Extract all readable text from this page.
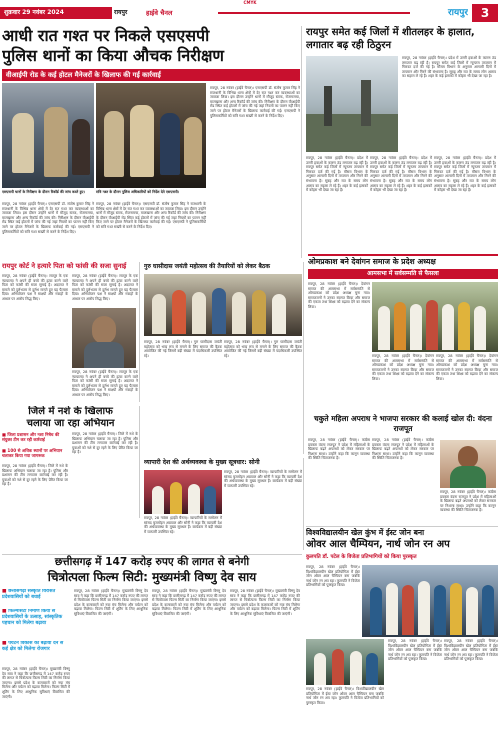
CMYK
शुक्रवार 29 नवंबर 2024	रायपुर	हाईवे चैनल	रायपुर	3
आधी रात गश्त पर निकले एसएसपी
पुलिस थानों का किया औचक निरीक्षण
वीआईपी रोड के कई होटल मैनेजरों के खिलाफ की गई कार्रवाई
एसएसपी थानों के निरीक्षण के दौरान रिकॉर्ड की जांच करते हुए।	रात्रि गश्त के दौरान पुलिस अधिकारियों को निर्देश देते एसएसपी।
रायपुर, 28 नवंबर (हाईवे चैनल)। एसएसपी डॉ. संतोष कुमार सिंह ने राजधानी के विभिन्न थाना क्षेत्रों में देर रात गश्त कर व्यवस्थाओं का जायजा लिया। इस दौरान उन्होंने थानों में मौजूद स्टाफ, रोजनामचा, मालखाना और अन्य रिकॉर्ड की जांच की। निरीक्षण के दौरान वीआईपी रोड स्थित कई होटलों में जांच की गई जहां नियमों का पालन नहीं किए जाने पर होटल मैनेजरों के खिलाफ कार्रवाई की गई। एसएसपी ने पुलिसकर्मियों को रात्रि गश्त सख्ती से करने के निर्देश दिए।
रायपुर, 28 नवंबर (हाईवे चैनल)। एसएसपी डॉ. संतोष कुमार सिंह ने राजधानी के विभिन्न थाना क्षेत्रों में देर रात गश्त कर व्यवस्थाओं का जायजा लिया। इस दौरान उन्होंने थानों में मौजूद स्टाफ, रोजनामचा, मालखाना और अन्य रिकॉर्ड की जांच की। निरीक्षण के दौरान वीआईपी रोड स्थित कई होटलों में जांच की गई जहां नियमों का पालन नहीं किए जाने पर होटल मैनेजरों के खिलाफ कार्रवाई की गई। एसएसपी ने पुलिसकर्मियों को रात्रि गश्त सख्ती से करने के निर्देश दिए।
रायपुर, 28 नवंबर (हाईवे चैनल)। एसएसपी डॉ. संतोष कुमार सिंह ने राजधानी के विभिन्न थाना क्षेत्रों में देर रात गश्त कर व्यवस्थाओं का जायजा लिया। इस दौरान उन्होंने थानों में मौजूद स्टाफ, रोजनामचा, मालखाना और अन्य रिकॉर्ड की जांच की। निरीक्षण के दौरान वीआईपी रोड स्थित कई होटलों में जांच की गई जहां नियमों का पालन नहीं किए जाने पर होटल मैनेजरों के खिलाफ कार्रवाई की गई। एसएसपी ने पुलिसकर्मियों को रात्रि गश्त सख्ती से करने के निर्देश दिए।
रायपुर समेत कई जिलों में शीतलहर के हालात, लगातार बढ़ रही ठिठुरन
रायपुर, 28 नवंबर (हाईवे चैनल)। प्रदेश में उत्तरी हवाओं के कारण ठंड लगातार बढ़ रही है। रायपुर समेत कई जिलों में न्यूनतम तापमान में गिरावट दर्ज की गई है। मौसम विभाग के अनुसार आगामी दिनों में तापमान और गिरने की संभावना है। सुबह और रात के समय लोग अलाव का सहारा ले रहे हैं। शहर के कई इलाकों में कोहरा भी देखा जा रहा है।
रायपुर, 28 नवंबर (हाईवे चैनल)। प्रदेश में उत्तरी हवाओं के कारण ठंड लगातार बढ़ रही है। रायपुर समेत कई जिलों में न्यूनतम तापमान में गिरावट दर्ज की गई है। मौसम विभाग के अनुसार आगामी दिनों में तापमान और गिरने की संभावना है। सुबह और रात के समय लोग अलाव का सहारा ले रहे हैं। शहर के कई इलाकों में कोहरा भी देखा जा रहा है।
रायपुर, 28 नवंबर (हाईवे चैनल)। प्रदेश में उत्तरी हवाओं के कारण ठंड लगातार बढ़ रही है। रायपुर समेत कई जिलों में न्यूनतम तापमान में गिरावट दर्ज की गई है। मौसम विभाग के अनुसार आगामी दिनों में तापमान और गिरने की संभावना है। सुबह और रात के समय लोग अलाव का सहारा ले रहे हैं। शहर के कई इलाकों में कोहरा भी देखा जा रहा है।
रायपुर, 28 नवंबर (हाईवे चैनल)। प्रदेश में उत्तरी हवाओं के कारण ठंड लगातार बढ़ रही है। रायपुर समेत कई जिलों में न्यूनतम तापमान में गिरावट दर्ज की गई है। मौसम विभाग के अनुसार आगामी दिनों में तापमान और गिरने की संभावना है। सुबह और रात के समय लोग अलाव का सहारा ले रहे हैं। शहर के कई इलाकों में कोहरा भी देखा जा रहा है।
रायपुर कोर्ट ने हत्यारे पिता को फांसी की सजा सुनाई
रायपुर, 28 नवंबर (हाईवे चैनल)। रायपुर के एक न्यायालय ने अपने ही बच्चे की हत्या करने वाले पिता को फांसी की सजा सुनाई है। अदालत ने मामले को दुर्लभतम से दुर्लभ मानते हुए यह फैसला दिया। अभियोजन पक्ष ने साक्ष्यों और गवाहों के आधार पर आरोप सिद्ध किए।
रायपुर, 28 नवंबर (हाईवे चैनल)। रायपुर के एक न्यायालय ने अपने ही बच्चे की हत्या करने वाले पिता को फांसी की सजा सुनाई है। अदालत ने मामले को दुर्लभतम से दुर्लभ मानते हुए यह फैसला दिया। अभियोजन पक्ष ने साक्ष्यों और गवाहों के आधार पर आरोप सिद्ध किए।
रायपुर, 28 नवंबर (हाईवे चैनल)। रायपुर के एक न्यायालय ने अपने ही बच्चे की हत्या करने वाले पिता को फांसी की सजा सुनाई है। अदालत ने मामले को दुर्लभतम से दुर्लभ मानते हुए यह फैसला दिया। अभियोजन पक्ष ने साक्ष्यों और गवाहों के आधार पर आरोप सिद्ध किए।
गुरु घासीदास जयंती महोत्सव की तैयारियों को लेकर बैठक
रायपुर, 28 नवंबर (हाईवे चैनल)। गुरु घासीदास जयंती महोत्सव को भव्य रूप से मनाने के लिए समाज की बैठक आयोजित की गई जिसमें बड़ी संख्या में पदाधिकारी उपस्थित रहे।
रायपुर, 28 नवंबर (हाईवे चैनल)। गुरु घासीदास जयंती महोत्सव को भव्य रूप से मनाने के लिए समाज की बैठक आयोजित की गई जिसमें बड़ी संख्या में पदाधिकारी उपस्थित रहे।
ओमप्रकाश बने देवांगन समाज के प्रदेश अध्यक्ष
आमसभा में सर्वसम्मति से फैसला
रायपुर, 28 नवंबर (हाईवे चैनल)। देवांगन समाज की आमसभा में सर्वसम्मति से ओमप्रकाश को प्रदेश अध्यक्ष चुना गया। समाजजनों ने उनका स्वागत किया और समाज की एकता तथा शिक्षा को बढ़ावा देने का संकल्प लिया।
रायपुर, 28 नवंबर (हाईवे चैनल)। देवांगन समाज की आमसभा में सर्वसम्मति से ओमप्रकाश को प्रदेश अध्यक्ष चुना गया। समाजजनों ने उनका स्वागत किया और समाज की एकता तथा शिक्षा को बढ़ावा देने का संकल्प लिया।
रायपुर, 28 नवंबर (हाईवे चैनल)। देवांगन समाज की आमसभा में सर्वसम्मति से ओमप्रकाश को प्रदेश अध्यक्ष चुना गया। समाजजनों ने उनका स्वागत किया और समाज की एकता तथा शिक्षा को बढ़ावा देने का संकल्प लिया।
जिले में नशे के खिलाफ
चलाया जा रहा अभियान
■ जिला प्रशासन और नशा निषेध की संयुक्त टीम कर रही कार्रवाई
■ 100 से अधिक स्थानों पर अभियान चलाकर किया गया जागरूक
रायपुर, 28 नवंबर (हाईवे चैनल)। जिले में नशे के खिलाफ अभियान चलाया जा रहा है। पुलिस और प्रशासन की टीम लगातार कार्रवाई कर रही है। युवाओं को नशे से दूर रहने के लिए प्रेरित किया जा रहा है।
रायपुर, 28 नवंबर (हाईवे चैनल)। जिले में नशे के खिलाफ अभियान चलाया जा रहा है। पुलिस और प्रशासन की टीम लगातार कार्रवाई कर रही है। युवाओं को नशे से दूर रहने के लिए प्रेरित किया जा रहा है।
व्यापारी देश की अर्थव्यवस्था के मुख्य सूत्रधार: सोनी
रायपुर, 28 नवंबर (हाईवे चैनल)। व्यापारियों के सम्मेलन में सांसद बृजमोहन अग्रवाल और सोनी ने कहा कि व्यापारी देश की अर्थव्यवस्था के मुख्य सूत्रधार हैं। कार्यक्रम में बड़ी संख्या में व्यापारी उपस्थित रहे।
रायपुर, 28 नवंबर (हाईवे चैनल)। व्यापारियों के सम्मेलन में सांसद बृजमोहन अग्रवाल और सोनी ने कहा कि व्यापारी देश की अर्थव्यवस्था के मुख्य सूत्रधार हैं। कार्यक्रम में बड़ी संख्या में व्यापारी उपस्थित रहे।
चकुते महिला अपराध ने भाजपा सरकार की कलाई खोल दी: वंदना राजपूत
रायपुर, 28 नवंबर (हाईवे चैनल)। कांग्रेस प्रवक्ता वंदना राजपूत ने प्रदेश में महिलाओं के खिलाफ बढ़ते अपराधों को लेकर सरकार पर निशाना साधा। उन्होंने कहा कि कानून व्यवस्था की स्थिति चिंताजनक है।
रायपुर, 28 नवंबर (हाईवे चैनल)। कांग्रेस प्रवक्ता वंदना राजपूत ने प्रदेश में महिलाओं के खिलाफ बढ़ते अपराधों को लेकर सरकार पर निशाना साधा। उन्होंने कहा कि कानून व्यवस्था की स्थिति चिंताजनक है।
रायपुर, 28 नवंबर (हाईवे चैनल)। कांग्रेस प्रवक्ता वंदना राजपूत ने प्रदेश में महिलाओं के खिलाफ बढ़ते अपराधों को लेकर सरकार पर निशाना साधा। उन्होंने कहा कि कानून व्यवस्था की स्थिति चिंताजनक है।
छत्तीसगढ़ में 147 करोड़ रुपए की लागत से बनेगी
चित्रोत्पला फिल्म सिटी: मुख्यमंत्री विष्णु देव साय
■ छत्तीसगढ़ी संस्कृति विरासत प्रदेशवासियों को बधाई
■ फिल्मसिटी निर्माण किया से प्रदेशवासियों के उत्साह, सांस्कृतिक पहचान को मिलेगा बढ़ावा
■ पर्यटन विकास को बढ़ावा देने से कई क्षेत्र को मिलेगा रोजगार
रायपुर, 28 नवंबर (हाईवे चैनल)। मुख्यमंत्री विष्णु देव साय ने कहा कि छत्तीसगढ़ में 147 करोड़ रुपए की लागत से चित्रोत्पला फिल्म सिटी का निर्माण किया जाएगा। इससे प्रदेश के कलाकारों को नया मंच मिलेगा और पर्यटन को बढ़ावा मिलेगा। फिल्म सिटी में शूटिंग के लिए आधुनिक सुविधाएं विकसित की जाएंगी।
रायपुर, 28 नवंबर (हाईवे चैनल)। मुख्यमंत्री विष्णु देव साय ने कहा कि छत्तीसगढ़ में 147 करोड़ रुपए की लागत से चित्रोत्पला फिल्म सिटी का निर्माण किया जाएगा। इससे प्रदेश के कलाकारों को नया मंच मिलेगा और पर्यटन को बढ़ावा मिलेगा। फिल्म सिटी में शूटिंग के लिए आधुनिक सुविधाएं विकसित की जाएंगी।
रायपुर, 28 नवंबर (हाईवे चैनल)। मुख्यमंत्री विष्णु देव साय ने कहा कि छत्तीसगढ़ में 147 करोड़ रुपए की लागत से चित्रोत्पला फिल्म सिटी का निर्माण किया जाएगा। इससे प्रदेश के कलाकारों को नया मंच मिलेगा और पर्यटन को बढ़ावा मिलेगा। फिल्म सिटी में शूटिंग के लिए आधुनिक सुविधाएं विकसित की जाएंगी।
रायपुर, 28 नवंबर (हाईवे चैनल)। मुख्यमंत्री विष्णु देव साय ने कहा कि छत्तीसगढ़ में 147 करोड़ रुपए की लागत से चित्रोत्पला फिल्म सिटी का निर्माण किया जाएगा। इससे प्रदेश के कलाकारों को नया मंच मिलेगा और पर्यटन को बढ़ावा मिलेगा। फिल्म सिटी में शूटिंग के लिए आधुनिक सुविधाएं विकसित की जाएंगी।
विश्वविद्यालयीन खेल कुंभ में ईस्ट जोन बना
ओवर आल चैम्पियन, नार्थ जोन रन अप
कुलपति डॉ. पटेल के विजेता प्रतिभागियों को किया पुरस्कृत
रायपुर, 28 नवंबर (हाईवे चैनल)। विश्वविद्यालयीन खेल प्रतियोगिता में ईस्ट जोन ओवर आल चैम्पियन बना जबकि नार्थ जोन रन अप रहा। कुलपति ने विजेता प्रतिभागियों को पुरस्कृत किया।
रायपुर, 28 नवंबर (हाईवे चैनल)। विश्वविद्यालयीन खेल प्रतियोगिता में ईस्ट जोन ओवर आल चैम्पियन बना जबकि नार्थ जोन रन अप रहा। कुलपति ने विजेता प्रतिभागियों को पुरस्कृत किया।
रायपुर, 28 नवंबर (हाईवे चैनल)। विश्वविद्यालयीन खेल प्रतियोगिता में ईस्ट जोन ओवर आल चैम्पियन बना जबकि नार्थ जोन रन अप रहा। कुलपति ने विजेता प्रतिभागियों को पुरस्कृत किया।
रायपुर, 28 नवंबर (हाईवे चैनल)। विश्वविद्यालयीन खेल प्रतियोगिता में ईस्ट जोन ओवर आल चैम्पियन बना जबकि नार्थ जोन रन अप रहा। कुलपति ने विजेता प्रतिभागियों को पुरस्कृत किया।
